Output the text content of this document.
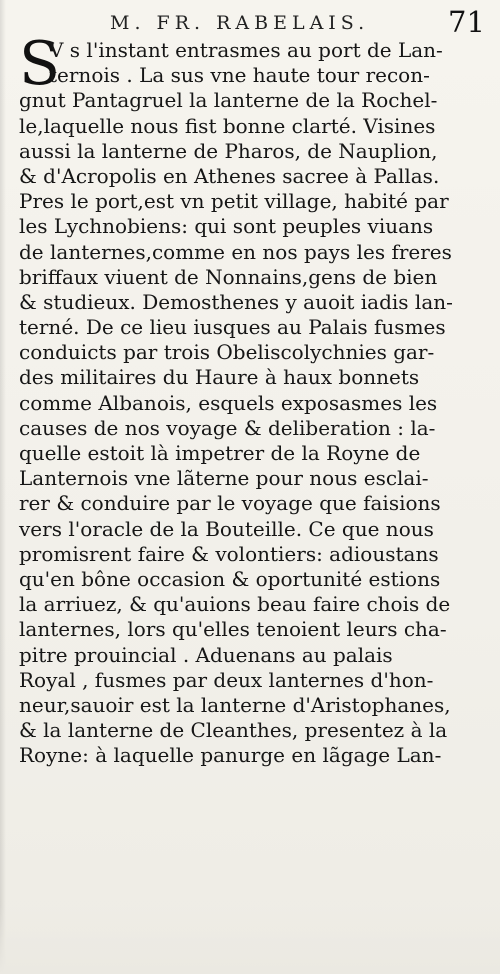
M. FR. RABELAIS.	71
S
V s l'instant entrasmes au port de Lan-
ternois . La sus vne haute tour recon-
gnut Pantagruel la lanterne de la Rochel-
le,laquelle nous fist bonne clarté. Visines
aussi la lanterne de Pharos, de Nauplion,
& d'Acropolis en Athenes sacree à Pallas.
Pres le port,est vn petit village, habité par
les Lychnobiens: qui sont peuples viuans
de lanternes,comme en nos pays les freres
briffaux viuent de Nonnains,gens de bien
& studieux. Demosthenes y auoit iadis lan-
terné. De ce lieu iusques au Palais fusmes
conduicts par trois Obeliscolychnies gar-
des militaires du Haure à haux bonnets
comme Albanois, esquels exposasmes les
causes de nos voyage & deliberation : la-
quelle estoit là impetrer de la Royne de
Lanternois vne lãterne pour nous esclai-
rer & conduire par le voyage que faisions
vers l'oracle de la Bouteille. Ce que nous
promisrent faire & volontiers: adioustans
qu'en bône occasion & oportunité estions
la arriuez, & qu'auions beau faire chois de
lanternes, lors qu'elles tenoient leurs cha-
pitre prouincial . Aduenans au palais
Royal , fusmes par deux lanternes d'hon-
neur,sauoir est la lanterne d'Aristophanes,
& la lanterne de Cleanthes, presentez à la
Royne: à laquelle panurge en lãgage Lan-
